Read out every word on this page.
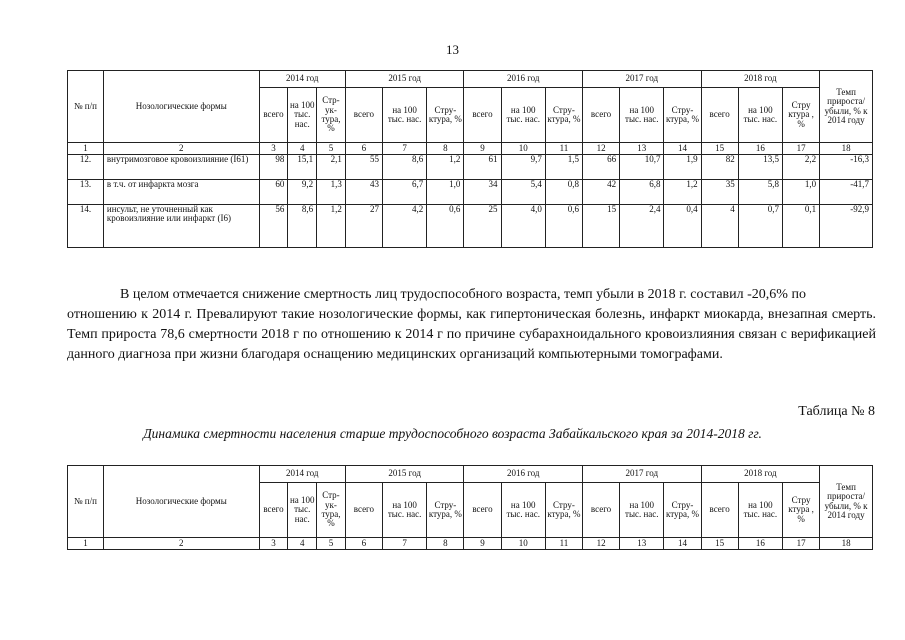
13
№ п/п	Нозологические формы	2014 год			2015 год			2016 год			2017 год			2018 год			Темп прироста/ убыли, % к 2014 году
		всего	на 100 тыс. нас.	Стр-ук-тура, %	всего	на 100 тыс. нас.	Стру-ктура, %	всего	на 100 тыс. нас.	Стру-ктура, %	всего	на 100 тыс. нас.	Стру-ктура, %	всего	на 100 тыс. нас.	Стру ктура , %	
1	2	3	4	5	6	7	8	9	10	11	12	13	14	15	16	17	18
12.	внутримозговое кровоизлияние (I61)	98	15,1	2,1	55	8,6	1,2	61	9,7	1,5	66	10,7	1,9	82	13,5	2,2	-16,3
13.	в т.ч. от инфаркта мозга	60	9,2	1,3	43	6,7	1,0	34	5,4	0,8	42	6,8	1,2	35	5,8	1,0	-41,7
14.	инсульт, не уточненный как кровоизлияние или инфаркт (I6)	56	8,6	1,2	27	4,2	0,6	25	4,0	0,6	15	2,4	0,4	4	0,7	0,1	-92,9

В целом отмечается снижение смертность лиц трудоспособного возраста, темп убыли в 2018 г. составил -20,6% по
отношению к 2014 г. Превалируют такие нозологические формы, как гипертоническая болезнь, инфаркт миокарда, внезапная смерть. Темп прироста 78,6 смертности 2018 г по отношению к 2014 г по причине субарахноидального кровоизлияния связан с верификацией данного диагноза при жизни благодаря оснащению медицинских организаций компьютерными томографами.

Таблица № 8
Динамика смертности населения старше трудоспособного возраста Забайкальского края за 2014-2018 гг.
№ п/п	Нозологические формы	2014 год			2015 год			2016 год			2017 год			2018 год			Темп прироста/ убыли, % к 2014 году
		всего	на 100 тыс. нас.	Стр-ук-тура, %	всего	на 100 тыс. нас.	Стру-ктура, %	всего	на 100 тыс. нас.	Стру-ктура, %	всего	на 100 тыс. нас.	Стру-ктура, %	всего	на 100 тыс. нас.	Стру ктура , %	
1	2	3	4	5	6	7	8	9	10	11	12	13	14	15	16	17	18
